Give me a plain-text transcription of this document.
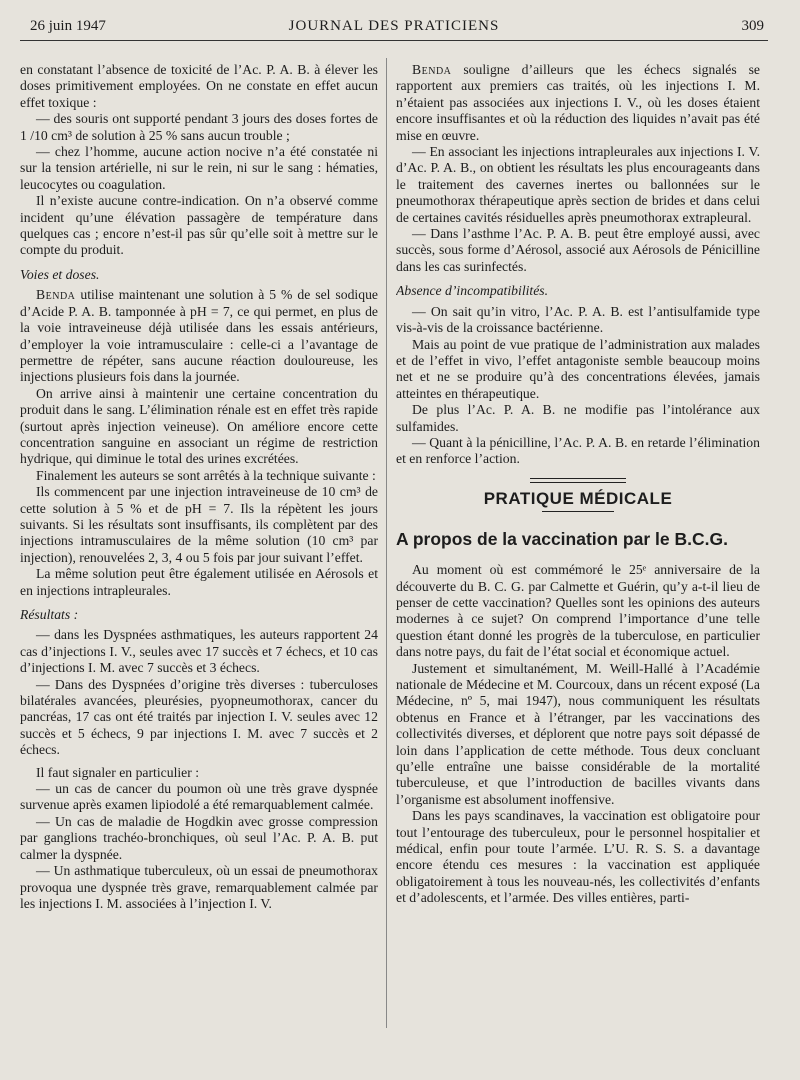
26 juin 1947	JOURNAL DES PRATICIENS	309

en constatant l’absence de toxicité de l’Ac. P. A. B. à élever les doses primitivement employées. On ne constate en effet aucun effet toxique :

— des souris ont supporté pendant 3 jours des doses fortes de 1 /10 cm³ de solution à 25 % sans aucun trouble ;

— chez l’homme, aucune action nocive n’a été constatée ni sur la tension artérielle, ni sur le rein, ni sur le sang : hématies, leucocytes ou coagulation.

Il n’existe aucune contre-indication. On n’a observé comme incident qu’une élévation passagère de température dans quelques cas ; encore n’est-il pas sûr qu’elle soit à mettre sur le compte du produit.

Voies et doses.

Benda utilise maintenant une solution à 5 % de sel sodique d’Acide P. A. B. tamponnée à pH = 7, ce qui permet, en plus de la voie intraveineuse déjà utilisée dans les essais antérieurs, d’employer la voie intramusculaire : celle-ci a l’avantage de permettre de répéter, sans aucune réaction douloureuse, les injections plusieurs fois dans la journée.

On arrive ainsi à maintenir une certaine concentration du produit dans le sang. L’élimination rénale est en effet très rapide (surtout après injection veineuse). On améliore encore cette concentration sanguine en associant un régime de restriction hydrique, qui diminue le total des urines excrétées.

Finalement les auteurs se sont arrêtés à la technique suivante :

Ils commencent par une injection intraveineuse de 10 cm³ de cette solution à 5 % et de pH = 7. Ils la répètent les jours suivants. Si les résultats sont insuffisants, ils complètent par des injections intramusculaires de la même solution (10 cm³ par injection), renouvelées 2, 3, 4 ou 5 fois par jour suivant l’effet.

La même solution peut être également utilisée en Aérosols et en injections intrapleurales.

Résultats :

— dans les Dyspnées asthmatiques, les auteurs rapportent 24 cas d’injections I. V., seules avec 17 succès et 7 échecs, et 10 cas d’injections I. M. avec 7 succès et 3 échecs.

— Dans des Dyspnées d’origine très diverses : tuberculoses bilatérales avancées, pleurésies, pyopneumothorax, cancer du pancréas, 17 cas ont été traités par injection I. V. seules avec 12 succès et 5 échecs, 9 par injections I. M. avec 7 succès et 2 échecs.

Il faut signaler en particulier :

— un cas de cancer du poumon où une très grave dyspnée survenue après examen lipiodolé a été remarquablement calmée.

— Un cas de maladie de Hogdkin avec grosse compression par ganglions trachéo-bronchiques, où seul l’Ac. P. A. B. put calmer la dyspnée.

— Un asthmatique tuberculeux, où un essai de pneumothorax provoqua une dyspnée très grave, remarquablement calmée par les injections I. M. associées à l’injection I. V.

Benda souligne d’ailleurs que les échecs signalés se rapportent aux premiers cas traités, où les injections I. M. n’étaient pas associées aux injections I. V., où les doses étaient encore insuffisantes et où la réduction des liquides n’avait pas été mise en œuvre.

— En associant les injections intrapleurales aux injections I. V. d’Ac. P. A. B., on obtient les résultats les plus encourageants dans le traitement des cavernes inertes ou ballonnées sur le pneumothorax thérapeutique après section de brides et dans celui de certaines cavités résiduelles après pneumothorax extrapleural.

— Dans l’asthme l’Ac. P. A. B. peut être employé aussi, avec succès, sous forme d’Aérosol, associé aux Aérosols de Pénicilline dans les cas surinfectés.

Absence d’incompatibilités.

— On sait qu’in vitro, l’Ac. P. A. B. est l’antisulfamide type vis-à-vis de la croissance bactérienne.

Mais au point de vue pratique de l’administration aux malades et de l’effet in vivo, l’effet antagoniste semble beaucoup moins net et ne se produire qu’à des concentrations élevées, jamais atteintes en thérapeutique.

De plus l’Ac. P. A. B. ne modifie pas l’intolérance aux sulfamides.

— Quant à la pénicilline, l’Ac. P. A. B. en retarde l’élimination et en renforce l’action.

PRATIQUE MÉDICALE
A propos de la vaccination par le B.C.G.

Au moment où est commémoré le 25ᵉ anniversaire de la découverte du B. C. G. par Calmette et Guérin, qu’y a-t-il lieu de penser de cette vaccination? Quelles sont les opinions des auteurs modernes à ce sujet? On comprend l’importance d’une telle question étant donné les progrès de la tuberculose, en particulier dans notre pays, du fait de l’état social et économique actuel.

Justement et simultanément, M. Weill-Hallé à l’Académie nationale de Médecine et M. Courcoux, dans un récent exposé (La Médecine, nº 5, mai 1947), nous communiquent les résultats obtenus en France et à l’étranger, par les vaccinations des collectivités diverses, et déplorent que notre pays soit dépassé de loin dans l’application de cette méthode. Tous deux concluant qu’elle entraîne une baisse considérable de la mortalité tuberculeuse, et que l’introduction de bacilles vivants dans l’organisme est absolument inoffensive.

Dans les pays scandinaves, la vaccination est obligatoire pour tout l’entourage des tuberculeux, pour le personnel hospitalier et médical, enfin pour toute l’armée. L’U. R. S. S. a davantage encore étendu ces mesures : la vaccination est appliquée obligatoirement à tous les nouveau-nés, les collectivités d’enfants et d’adolescents, et l’armée. Des villes entières, parti-
